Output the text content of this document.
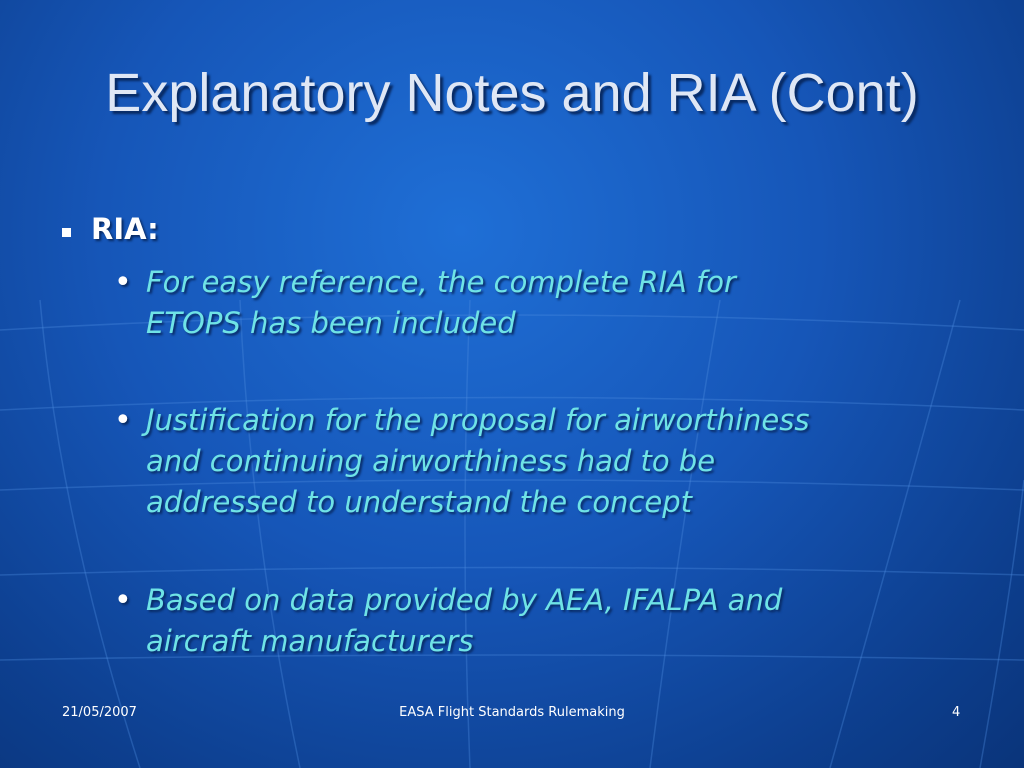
Explanatory Notes and RIA (Cont)
RIA:
• For easy reference, the complete RIA for
ETOPS has been included
• Justification for the proposal for airworthiness
and continuing airworthiness had to be
addressed to understand the concept
• Based on data provided by AEA, IFALPA and
aircraft manufacturers
21/05/2007	EASA Flight Standards Rulemaking	4
